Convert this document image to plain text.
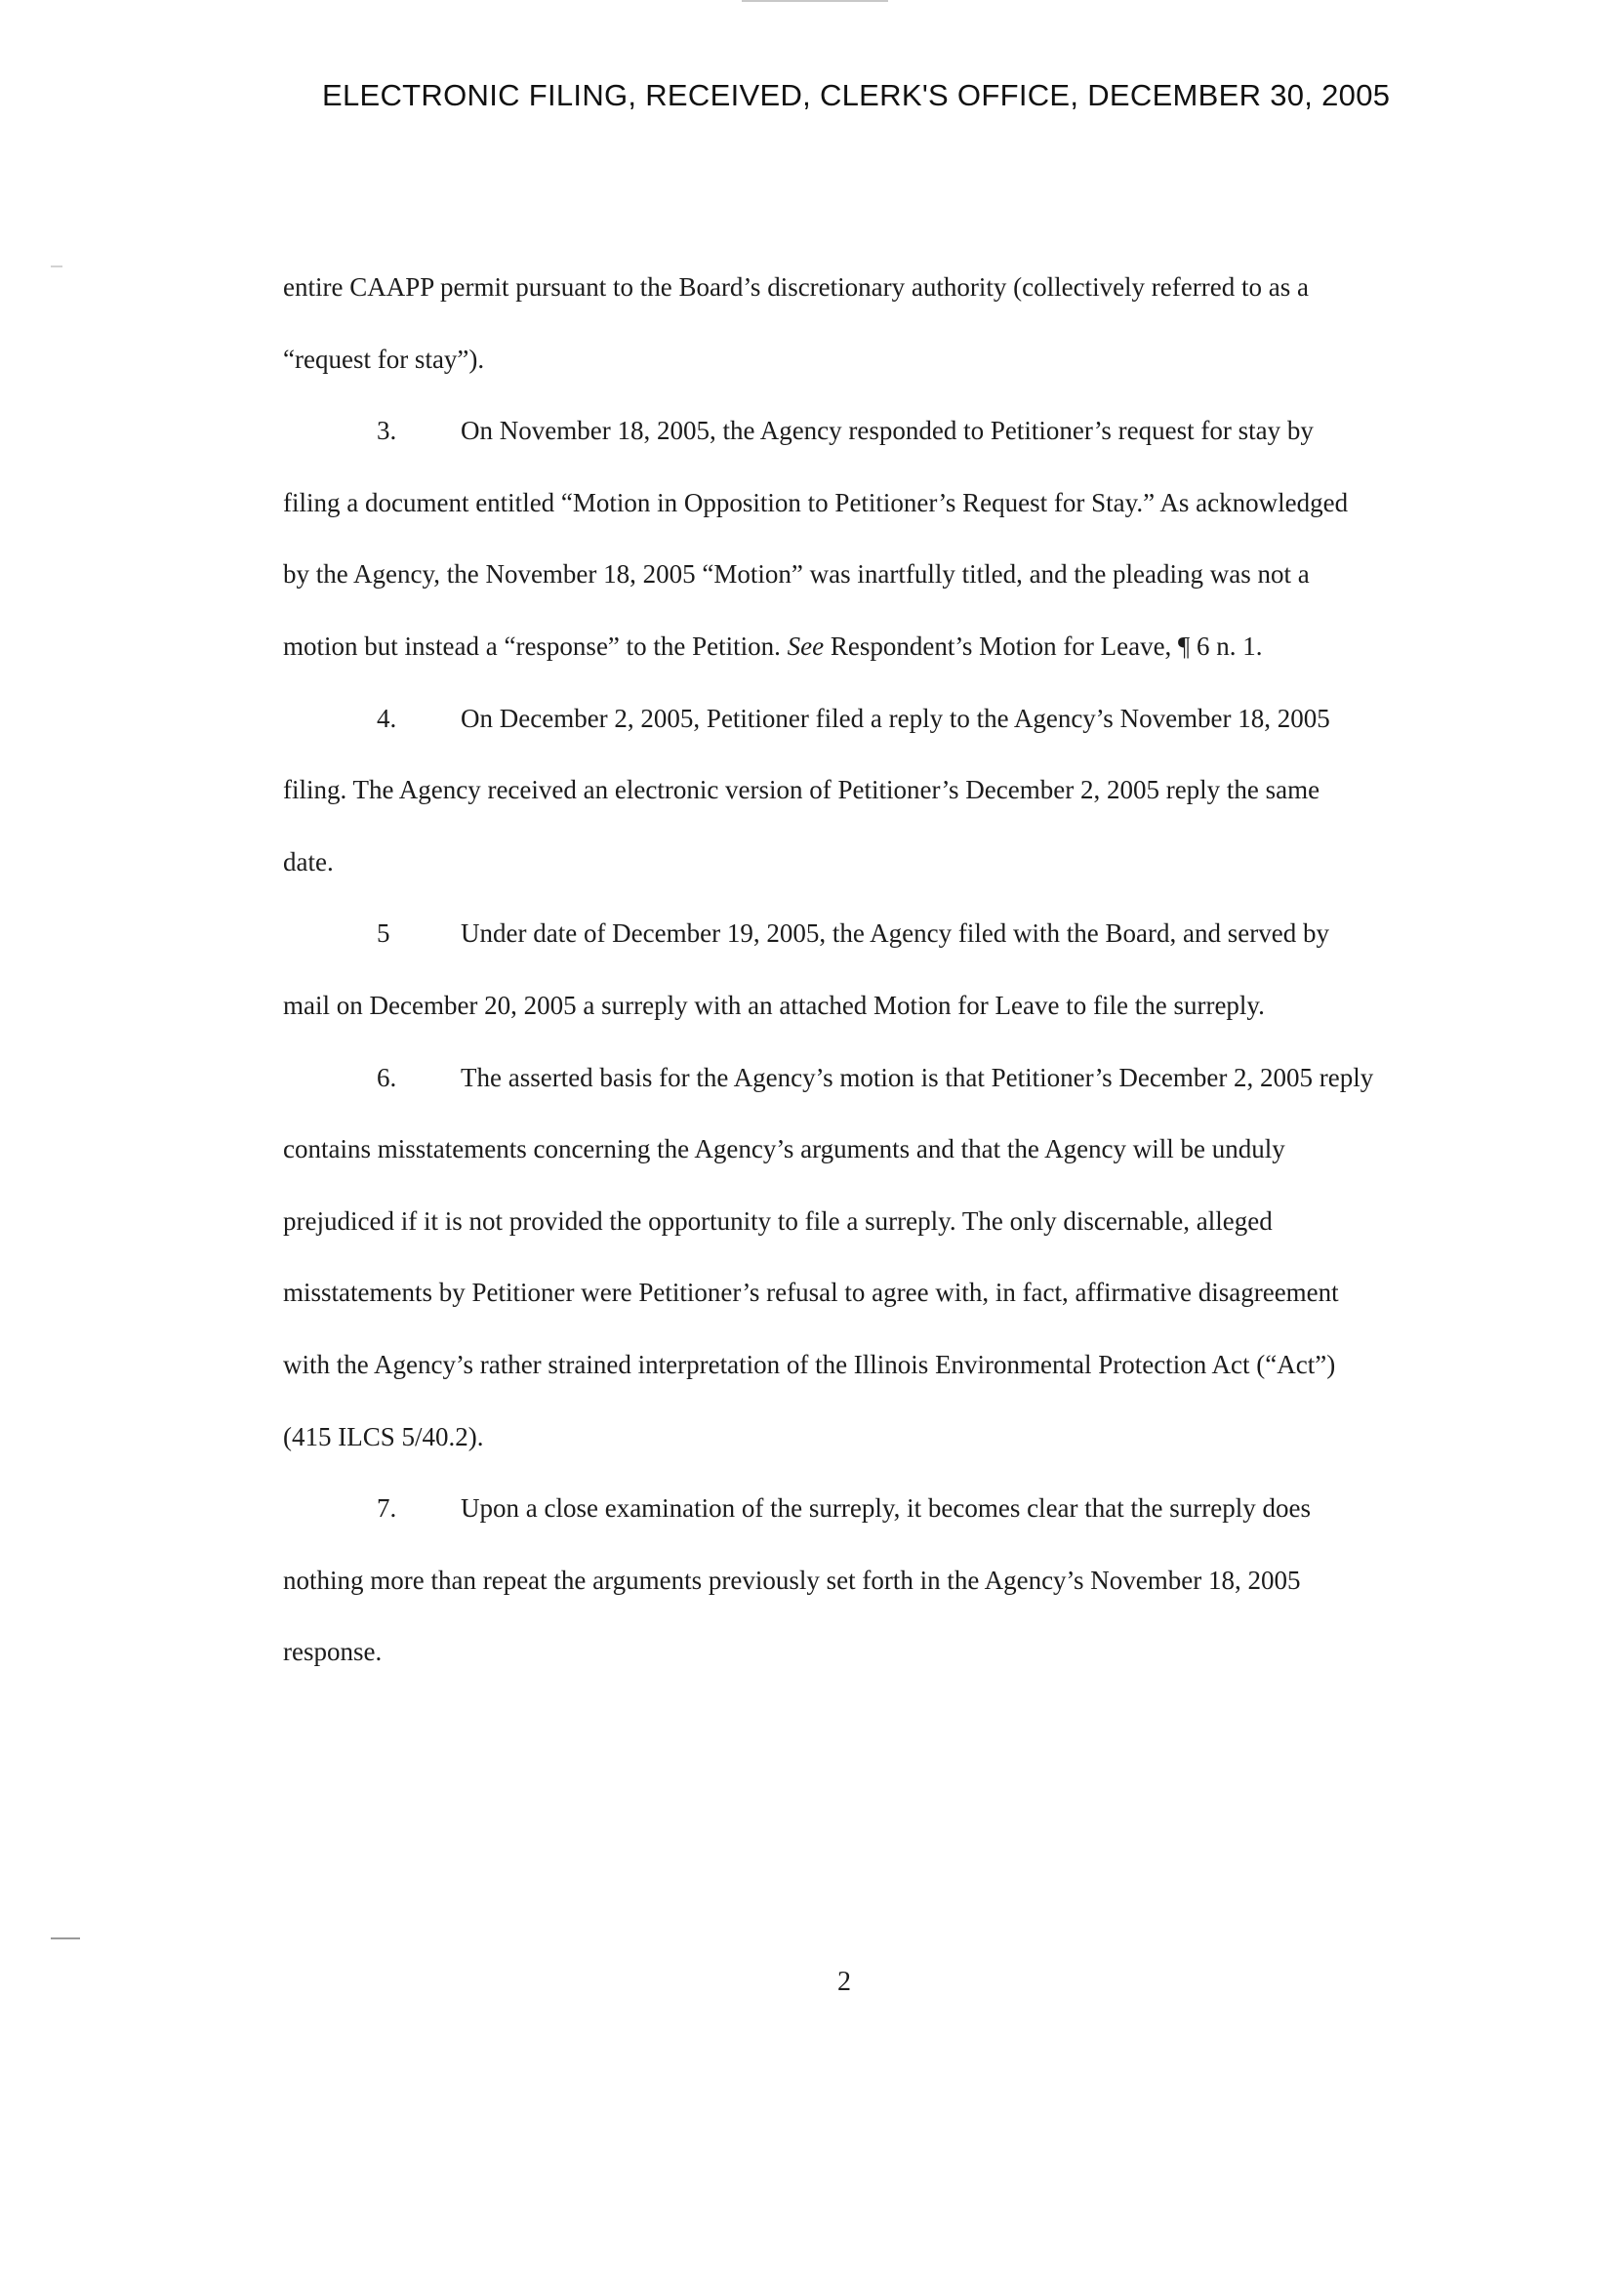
ELECTRONIC FILING, RECEIVED, CLERK'S OFFICE, DECEMBER 30, 2005

entire CAAPP permit pursuant to the Board’s discretionary authority (collectively referred to as a “request for stay”).

3. On November 18, 2005, the Agency responded to Petitioner’s request for stay by filing a document entitled “Motion in Opposition to Petitioner’s Request for Stay.” As acknowledged by the Agency, the November 18, 2005 “Motion” was inartfully titled, and the pleading was not a motion but instead a “response” to the Petition. See Respondent’s Motion for Leave, ¶ 6 n. 1.

4. On December 2, 2005, Petitioner filed a reply to the Agency’s November 18, 2005 filing. The Agency received an electronic version of Petitioner’s December 2, 2005 reply the same date.

5	Under date of December 19, 2005, the Agency filed with the Board, and served by mail on December 20, 2005 a surreply with an attached Motion for Leave to file the surreply.

6. The asserted basis for the Agency’s motion is that Petitioner’s December 2, 2005 reply contains misstatements concerning the Agency’s arguments and that the Agency will be unduly prejudiced if it is not provided the opportunity to file a surreply. The only discernable, alleged misstatements by Petitioner were Petitioner’s refusal to agree with, in fact, affirmative disagreement with the Agency’s rather strained interpretation of the Illinois Environmental Protection Act (“Act”) (415 ILCS 5/40.2).

7. Upon a close examination of the surreply, it becomes clear that the surreply does nothing more than repeat the arguments previously set forth in the Agency’s November 18, 2005 response.

2
